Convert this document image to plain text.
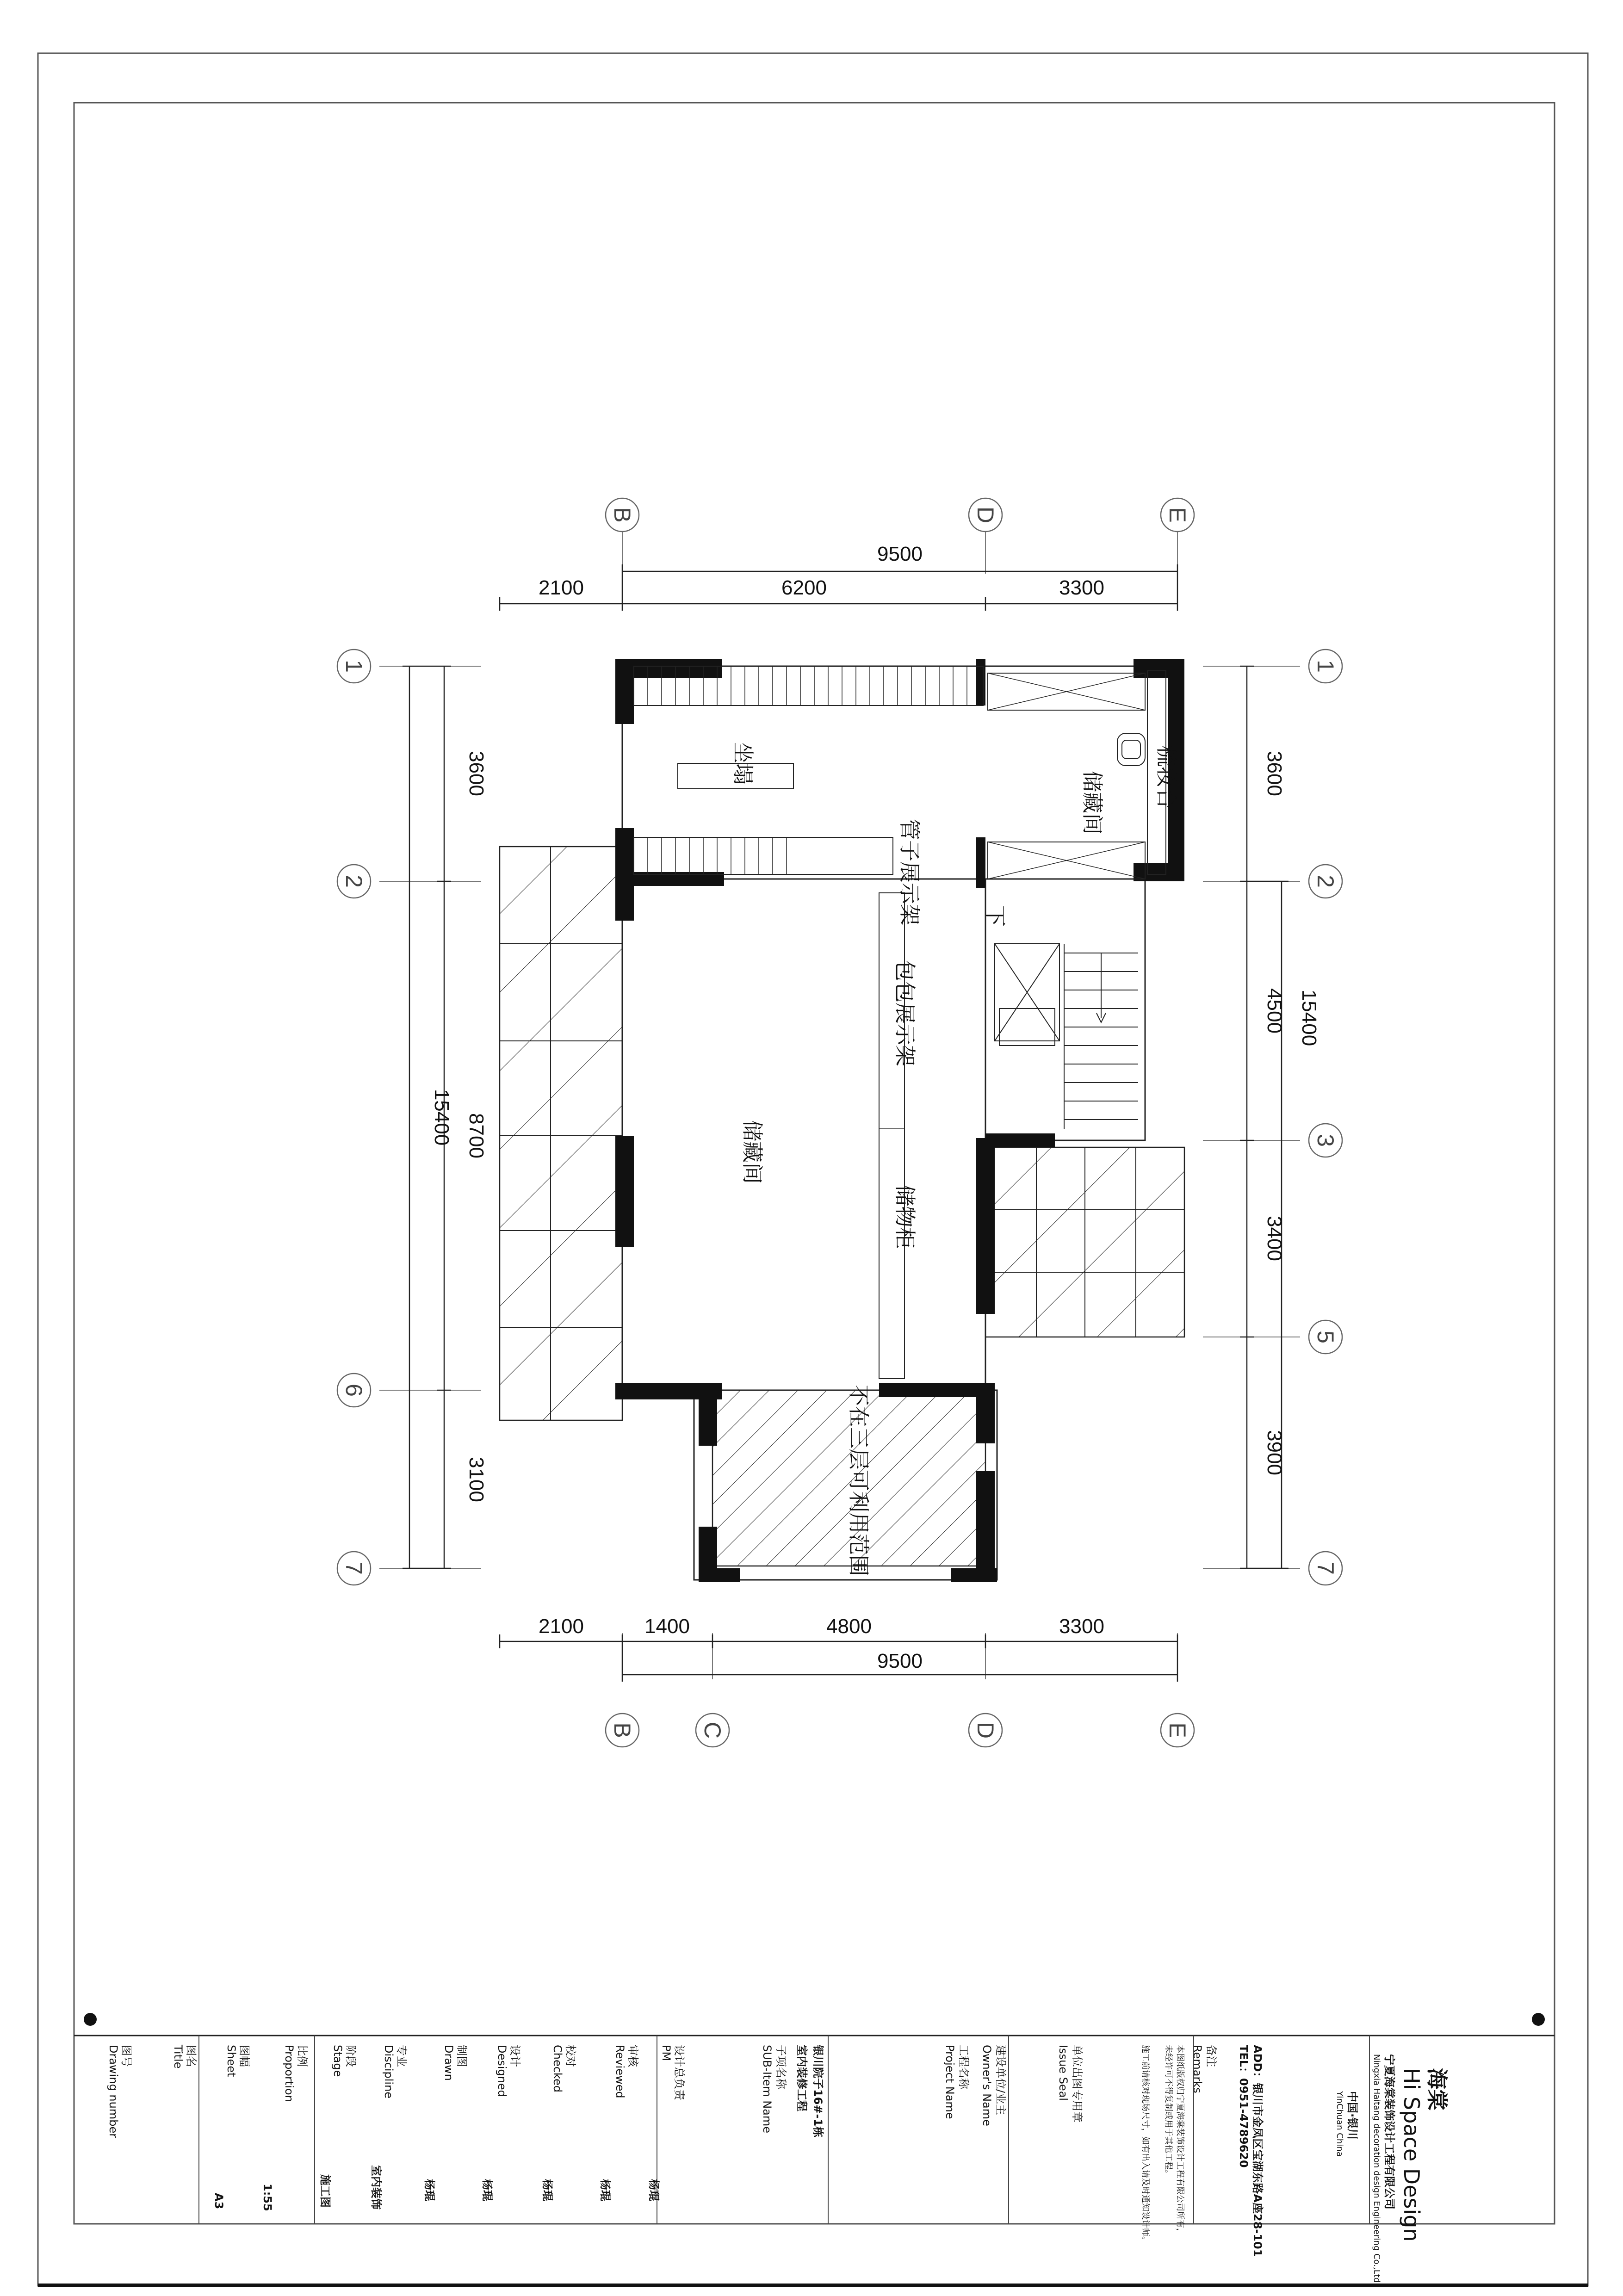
9500
2100	6200	3300
2100	1400	4800	3300
9500
3600
8700
3100
15400
3600
4500
3400
3900
15400
B	D	E
B	C	D	E
1
2
6
7
1
2
3
5
7
坐塌
管子展示架
梳妆台
储藏间
包包展示架
储藏间
储物柜
不在三层可利用范围
下
海棠
Hi Space Design
宁夏海棠装饰设计工程有限公司
Ningxia Haitang decoration design Engineering Co.,Ltd
中国·银川
YinChuan China
ADD：银川市金凤区宝湖东路A座28-101
TEL：0951-4789620
备注
Remarks
本图纸版权归宁夏海棠装饰设计工程有限公司所有，
未经许可不得复制或用于其他工程。
施工前请核对现场尺寸，如有出入请及时通知设计师。
单位出图专用章
Issue Seal
建设单位/业主
Owner's Name
工程名称
Project Name
银川院子16#-1栋
室内装修工程
子项名称
SUB-Item Name
设计总负责
PM
杨琨
审核
Reviewed
杨琨
校对
Checked
杨琨
设计
Designed
杨琨
制图
Drawn
杨琨
专业
Discipline
室内装饰
阶段
Stage
施工图
比例
Proportion
1:55
图幅
Sheet
A3
图名
Title
图号
Drawing number
